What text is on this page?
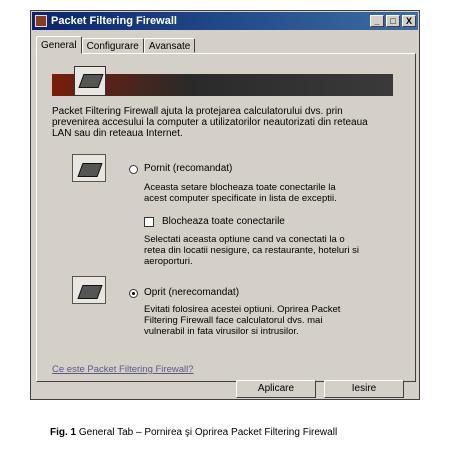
Packet Filtering Firewall	_	□	X
General	Configurare	Avansate
Packet Filtering Firewall ajuta la protejarea calculatorului dvs. prin prevenirea accesului la computer a utilizatorilor neautorizati din reteaua LAN sau din reteaua Internet.
Pornit (recomandat)
Aceasta setare blocheaza toate conectarile la acest computer specificate in lista de exceptii.
Blocheaza toate conectarile
Selectati aceasta optiune cand va conectati la o retea din locatii nesigure, ca restaurante, hoteluri si aeroporturi.
Oprit (nerecomandat)
Evitati folosirea acestei optiuni. Oprirea Packet Filtering Firewall face calculatorul dvs. mai vulnerabil in fata virusilor si intrusilor.
Ce este Packet Filtering Firewall?
Aplicare	Iesire
Fig. 1 General Tab – Pornirea şi Oprirea Packet Filtering Firewall
